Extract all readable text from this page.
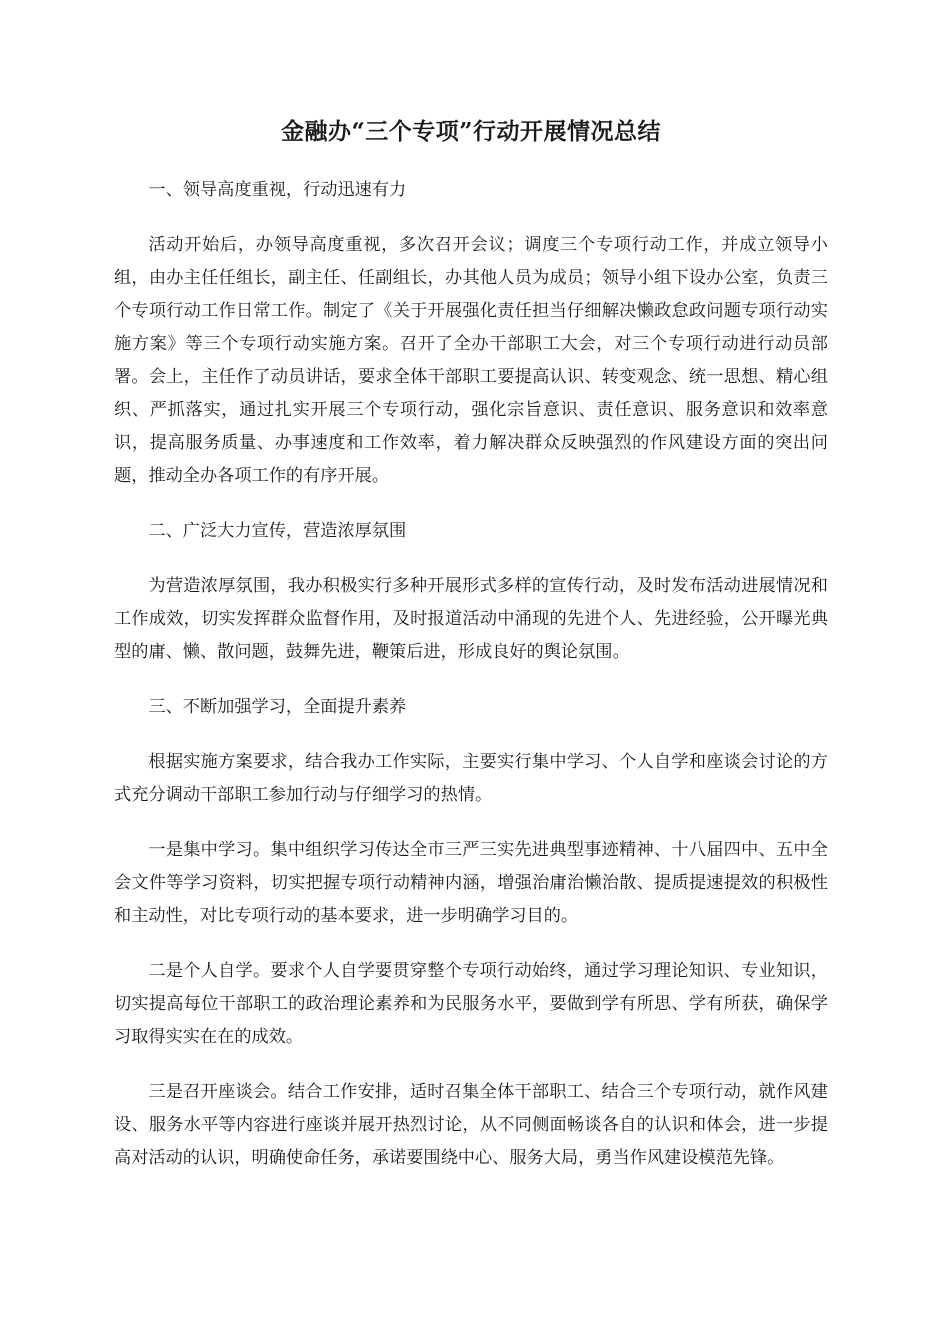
金融办“三个专项”行动开展情况总结

一、领导高度重视，行动迅速有力

活动开始后，办领导高度重视，多次召开会议；调度三个专项行动工作，并成立领导小组，由办主任任组长，副主任、任副组长，办其他人员为成员；领导小组下设办公室，负责三个专项行动工作日常工作。制定了《关于开展强化责任担当仔细解决懒政怠政问题专项行动实施方案》等三个专项行动实施方案。召开了全办干部职工大会，对三个专项行动进行动员部署。会上，主任作了动员讲话，要求全体干部职工要提高认识、转变观念、统一思想、精心组织、严抓落实，通过扎实开展三个专项行动，强化宗旨意识、责任意识、服务意识和效率意识，提高服务质量、办事速度和工作效率，着力解决群众反映强烈的作风建设方面的突出问题，推动全办各项工作的有序开展。

二、广泛大力宣传，营造浓厚氛围

为营造浓厚氛围，我办积极实行多种开展形式多样的宣传行动，及时发布活动进展情况和工作成效，切实发挥群众监督作用，及时报道活动中涌现的先进个人、先进经验，公开曝光典型的庸、懒、散问题，鼓舞先进，鞭策后进，形成良好的舆论氛围。

三、不断加强学习，全面提升素养

根据实施方案要求，结合我办工作实际，主要实行集中学习、个人自学和座谈会讨论的方式充分调动干部职工参加行动与仔细学习的热情。

一是集中学习。集中组织学习传达全市三严三实先进典型事迹精神、十八届四中、五中全会文件等学习资料，切实把握专项行动精神内涵，增强治庸治懒治散、提质提速提效的积极性和主动性，对比专项行动的基本要求，进一步明确学习目的。

二是个人自学。要求个人自学要贯穿整个专项行动始终，通过学习理论知识、专业知识，切实提高每位干部职工的政治理论素养和为民服务水平，要做到学有所思、学有所获，确保学习取得实实在在的成效。

三是召开座谈会。结合工作安排，适时召集全体干部职工、结合三个专项行动，就作风建设、服务水平等内容进行座谈并展开热烈讨论，从不同侧面畅谈各自的认识和体会，进一步提高对活动的认识，明确使命任务，承诺要围绕中心、服务大局，勇当作风建设模范先锋。
